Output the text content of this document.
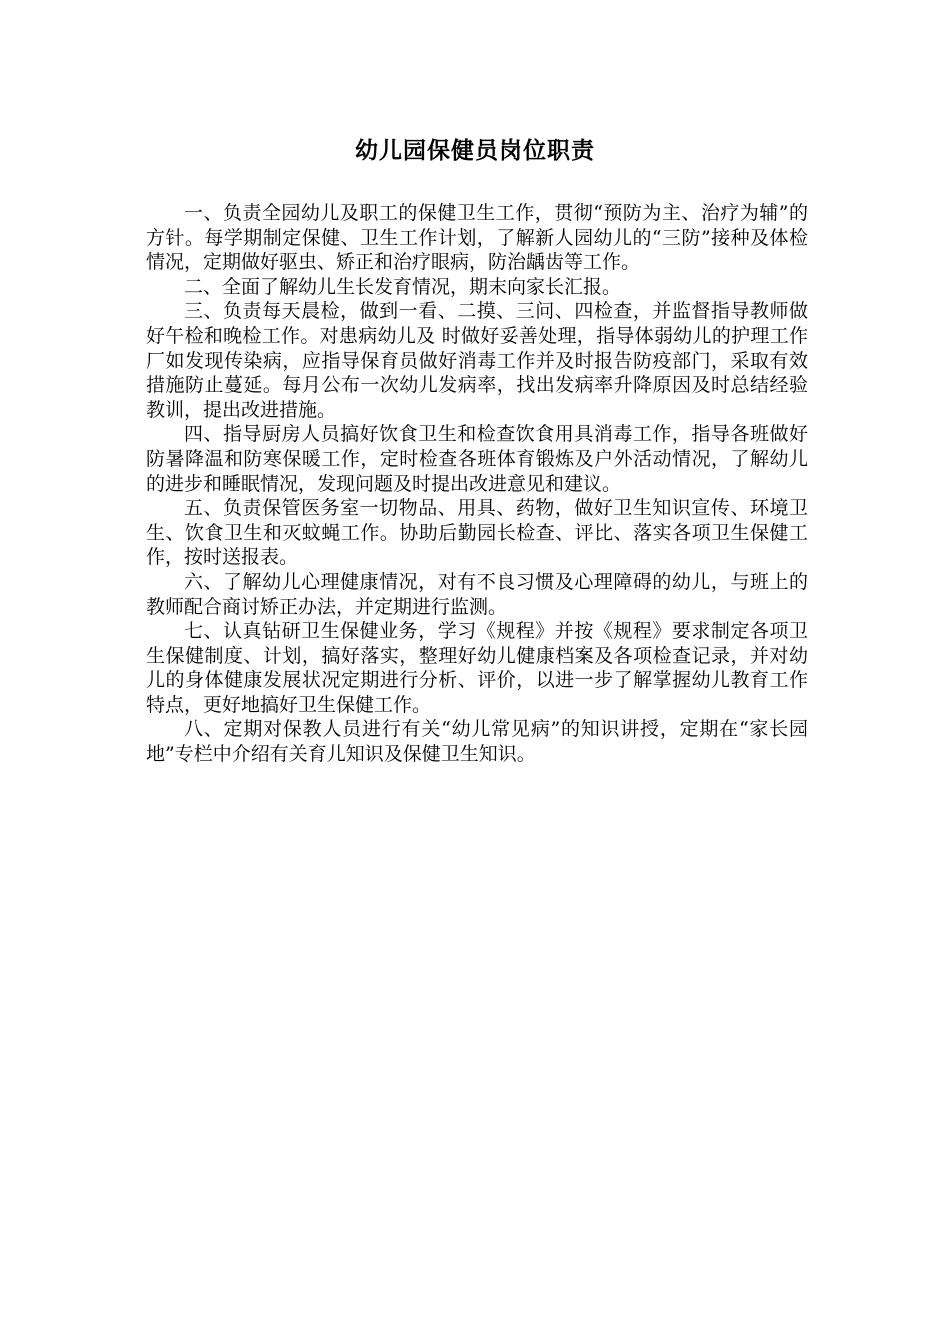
幼儿园保健员岗位职责

一、负责全园幼儿及职工的保健卫生工作，贯彻“预防为主、治疗为辅”的方针。每学期制定保健、卫生工作计划，了解新人园幼儿的“三防”接种及体检情况，定期做好驱虫、矫正和治疗眼病，防治龋齿等工作。

二、全面了解幼儿生长发育情况，期末向家长汇报。

三、负责每天晨检，做到一看、二摸、三问、四检查，并监督指导教师做好午检和晚检工作。对患病幼儿及 时做好妥善处理，指导体弱幼儿的护理工作厂如发现传染病，应指导保育员做好消毒工作并及时报告防疫部门，采取有效措施防止蔓延。每月公布一次幼儿发病率，找出发病率升降原因及时总结经验教训，提出改进措施。

四、指导厨房人员搞好饮食卫生和检查饮食用具消毒工作，指导各班做好防暑降温和防寒保暖工作，定时检查各班体育锻炼及户外活动情况，了解幼儿的进步和睡眠情况，发现问题及时提出改进意见和建议。

五、负责保管医务室一切物品、用具、药物，做好卫生知识宣传、环境卫生、饮食卫生和灭蚊蝇工作。协助后勤园长检查、评比、落实各项卫生保健工作，按时送报表。

六、了解幼儿心理健康情况，对有不良习惯及心理障碍的幼儿，与班上的教师配合商讨矫正办法，并定期进行监测。

七、认真钻研卫生保健业务，学习《规程》并按《规程》要求制定各项卫生保健制度、计划，搞好落实，整理好幼儿健康档案及各项检查记录，并对幼儿的身体健康发展状况定期进行分析、评价，以进一步了解掌握幼儿教育工作特点，更好地搞好卫生保健工作。

八、定期对保教人员进行有关“幼儿常见病”的知识讲授，定期在“家长园地”专栏中介绍有关育儿知识及保健卫生知识。
